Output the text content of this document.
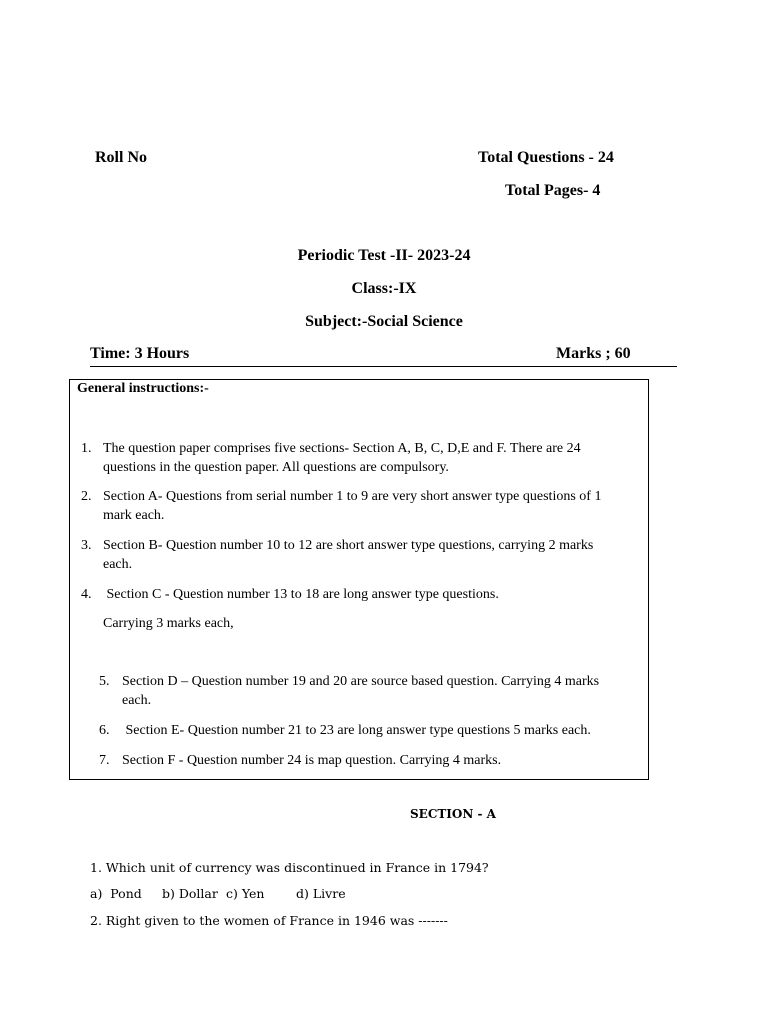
Roll No	Total Questions - 24
Total Pages- 4
Periodic Test -II- 2023-24
Class:-IX
Subject:-Social Science
Time: 3 Hours	Marks ; 60
General instructions:-
1. The question paper comprises five sections- Section A, B, C, D,E and F. There are 24
questions in the question paper. All questions are compulsory.
2. Section A- Questions from serial number 1 to 9 are very short answer type questions of 1
mark each.
3. Section B- Question number 10 to 12 are short answer type questions, carrying 2 marks
each.
4. Section C - Question number 13 to 18 are long answer type questions.
Carrying 3 marks each,
5. Section D – Question number 19 and 20 are source based question. Carrying 4 marks
each.
6. Section E- Question number 21 to 23 are long answer type questions 5 marks each.
7. Section F - Question number 24 is map question. Carrying 4 marks.
SECTION - A
1. Which unit of currency was discontinued in France in 1794?
a)  Pond b) Dollar c) Yen	d) Livre
2. Right given to the women of France in 1946 was -------
